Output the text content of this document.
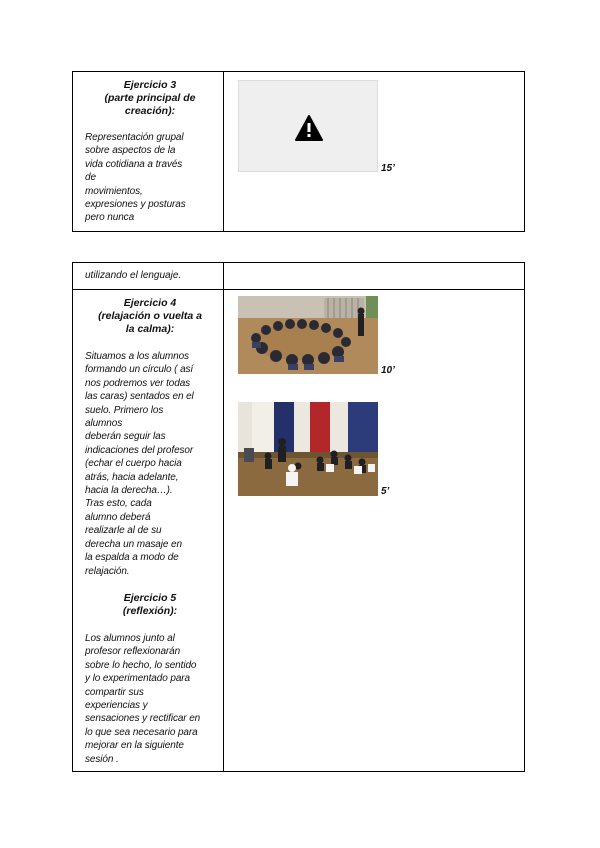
Ejercicio 3
(parte principal de
creación):
Representación grupal
sobre aspectos de la
vida cotidiana a través
de
movimientos,
expresiones y posturas
pero nunca
15’
utilizando el lenguaje.
Ejercicio 4
(relajación o vuelta a
la calma):
Situamos a los alumnos
formando un círculo ( así
nos podremos ver todas
las caras) sentados en el
suelo. Primero los
alumnos
deberán seguir las
indicaciones del profesor
(echar el cuerpo hacia
atrás, hacia adelante,
hacia la derecha…).
Tras esto, cada
alumno deberá
realizarle al de su
derecha un masaje en
la espalda a modo de
relajación.
Ejercicio 5
(reflexión):
Los alumnos junto al
profesor reflexionarán
sobre lo hecho, lo sentido
y lo experimentado para
compartir sus
experiencias y
sensaciones y rectificar en
lo que sea necesario para
mejorar en la siguiente
sesión .
10’
5’
